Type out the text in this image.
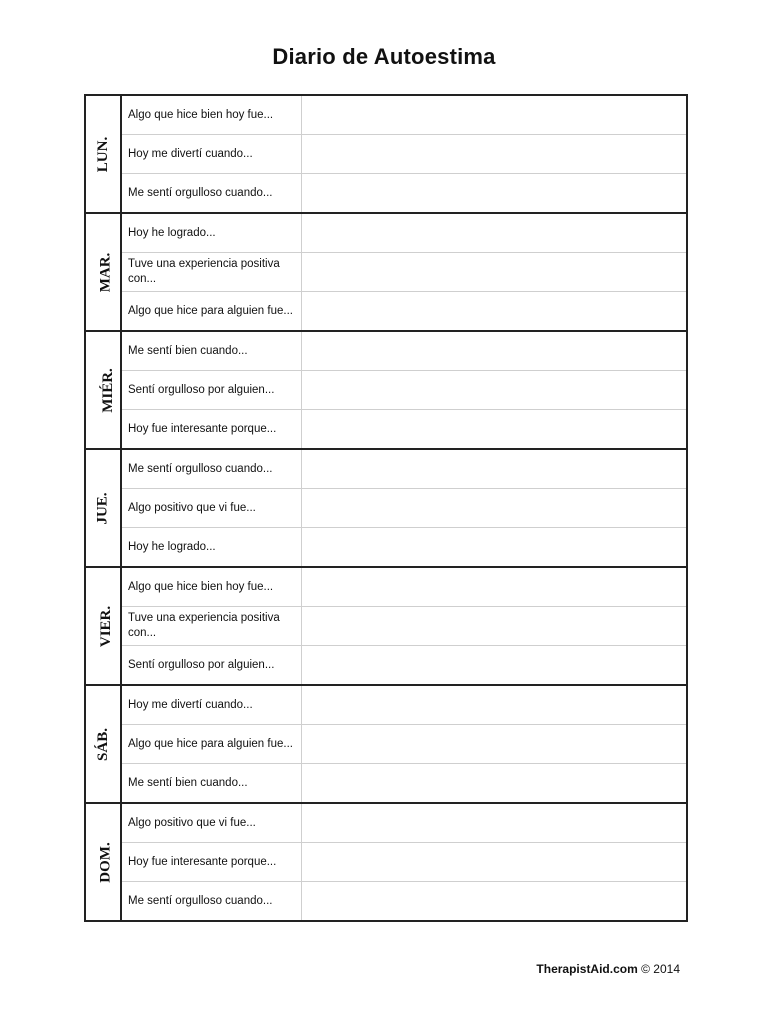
Diario de Autoestima
LUN.	Algo que hice bien hoy fue...	
	Hoy me divertí cuando...	
	Me sentí orgulloso cuando...	
MAR.	Hoy he logrado...	
	Tuve una experiencia positiva con...	
	Algo que hice para alguien fue...	
MIÉR.	Me sentí bien cuando...	
	Sentí orgulloso por alguien...	
	Hoy fue interesante porque...	
JUE.	Me sentí orgulloso cuando...	
	Algo positivo que vi fue...	
	Hoy he logrado...	
VIER.	Algo que hice bien hoy fue...	
	Tuve una experiencia positiva con...	
	Sentí orgulloso por alguien...	
SÁB.	Hoy me divertí cuando...	
	Algo que hice para alguien fue...	
	Me sentí bien cuando...	
DOM.	Algo positivo que vi fue...	
	Hoy fue interesante porque...	
	Me sentí orgulloso cuando...	
TherapistAid.com © 2014
